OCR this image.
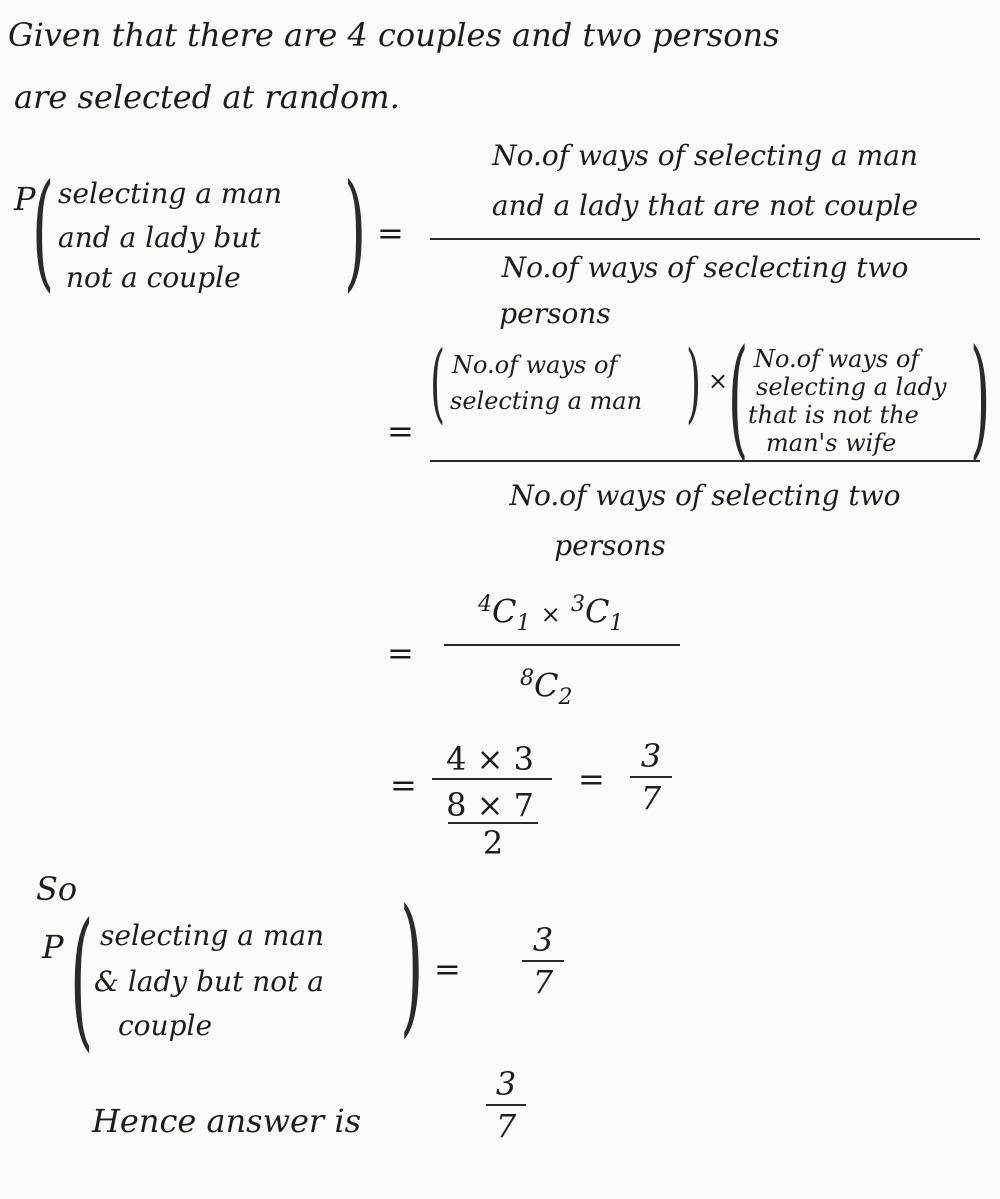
Given that there are 4 couples and two persons
are selected at random.
P
( selecting a man
and a lady but
not a couple ) =
No.of ways of selecting a man
and a lady that are not couple
No.of ways of seclecting two
persons
= ( No.of ways of
selecting a man ) × ( No.of ways of
selecting a lady
that is not the
man's wife )
No.of ways of selecting two
persons
=
$^4C_1 \times ^3C_1$
$^8C_2$
=
4 × 3
8 × 7
2
=
3
7
So
P ( selecting a man
& lady but not a
couple ) =
3
7
Hence answer is
3
7
